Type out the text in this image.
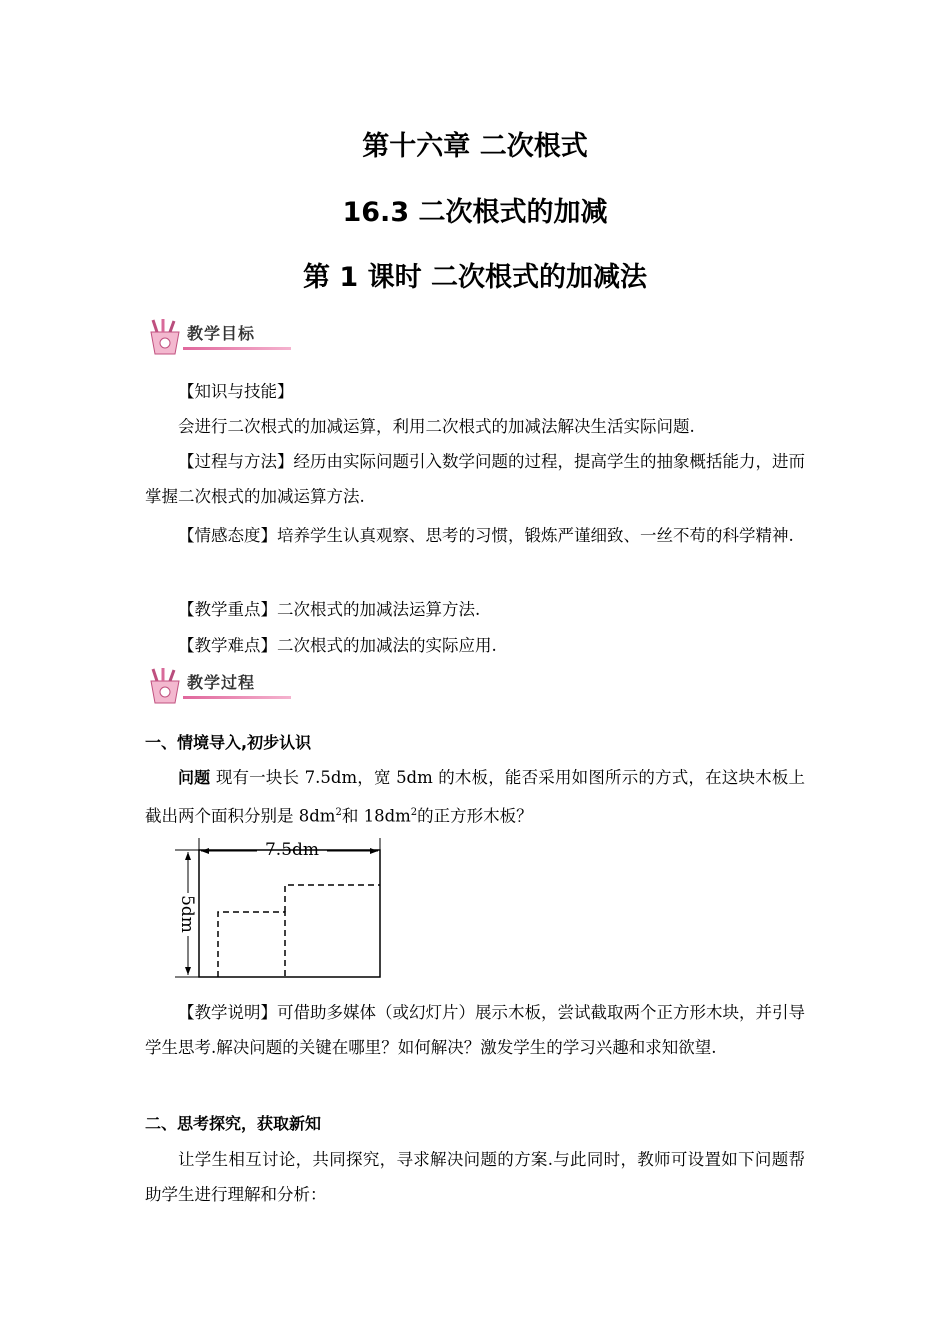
第十六章 二次根式
16.3 二次根式的加减
第 1 课时 二次根式的加减法
教学目标
【知识与技能】
会进行二次根式的加减运算，利用二次根式的加减法解决生活实际问题.
【过程与方法】经历由实际问题引入数学问题的过程，提高学生的抽象概括能力，进而掌握二次根式的加减运算方法.
【情感态度】培养学生认真观察、思考的习惯，锻炼严谨细致、一丝不苟的科学精神.
【教学重点】二次根式的加减法运算方法.
【教学难点】二次根式的加减法的实际应用.
教学过程
一、情境导入,初步认识
问题 现有一块长 7.5dm，宽 5dm 的木板，能否采用如图所示的方式，在这块木板上截出两个面积分别是 $8dm^2$和 $18dm^2$的正方形木板？
7.5dm
5dm
【教学说明】可借助多媒体（或幻灯片）展示木板，尝试截取两个正方形木块，并引导学生思考.解决问题的关键在哪里？如何解决？激发学生的学习兴趣和求知欲望.
二、思考探究，获取新知
让学生相互讨论，共同探究，寻求解决问题的方案.与此同时，教师可设置如下问题帮助学生进行理解和分析：
